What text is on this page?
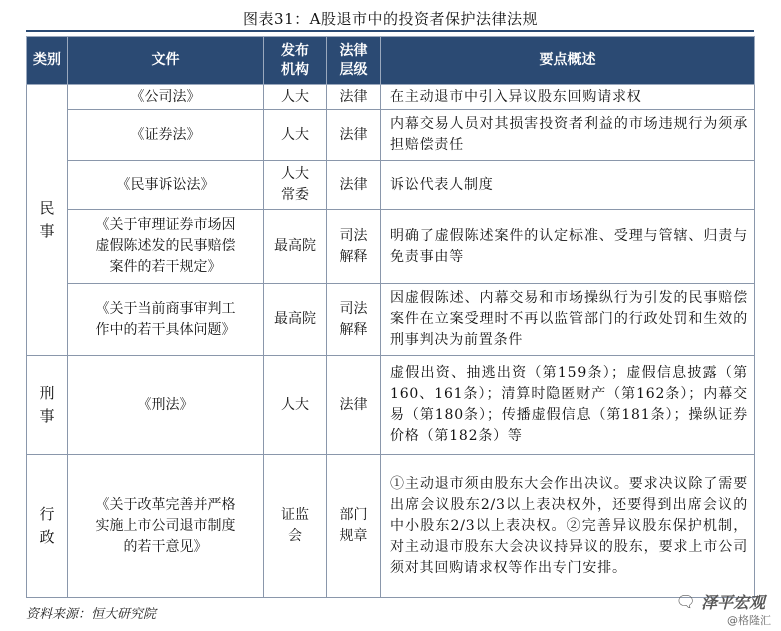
图表31：A股退市中的投资者保护法律法规
类别	文件	发布机构	法律层级	要点概述

民事	《公司法》	人大	法律	在主动退市中引入异议股东回购请求权
	《证券法》	人大	法律	内幕交易人员对其损害投资者利益的市场违规行为须承担赔偿责任
	《民事诉讼法》	人大常委	法律	诉讼代表人制度

	《关于审理证券市场因虚假陈述发的民事赔偿案件的若干规定》	最高院	司法解释	明确了虚假陈述案件的认定标准、受理与管辖、归责与免责事由等

	《关于当前商事审判工作中的若干具体问题》	最高院	司法解释	因虚假陈述、内幕交易和市场操纵行为引发的民事赔偿案件在立案受理时不再以监管部门的行政处罚和生效的刑事判决为前置条件

刑事	《刑法》	人大	法律	虚假出资、抽逃出资（第159条）；虚假信息披露（第160、161条）；清算时隐匿财产（第162条）；内幕交易（第180条）；传播虚假信息（第181条）；操纵证券价格（第182条）等

行政	《关于改革完善并严格实施上市公司退市制度的若干意见》	证监会	部门规章	①主动退市须由股东大会作出决议。要求决议除了需要出席会议股东2/3以上表决权外，还要得到出席会议的中小股东2/3以上表决权。②完善异议股东保护机制，对主动退市股东大会决议持异议的股东，要求上市公司须对其回购请求权等作出专门安排。
资料来源：恒大研究院
🗨 泽平宏观
@格隆汇
